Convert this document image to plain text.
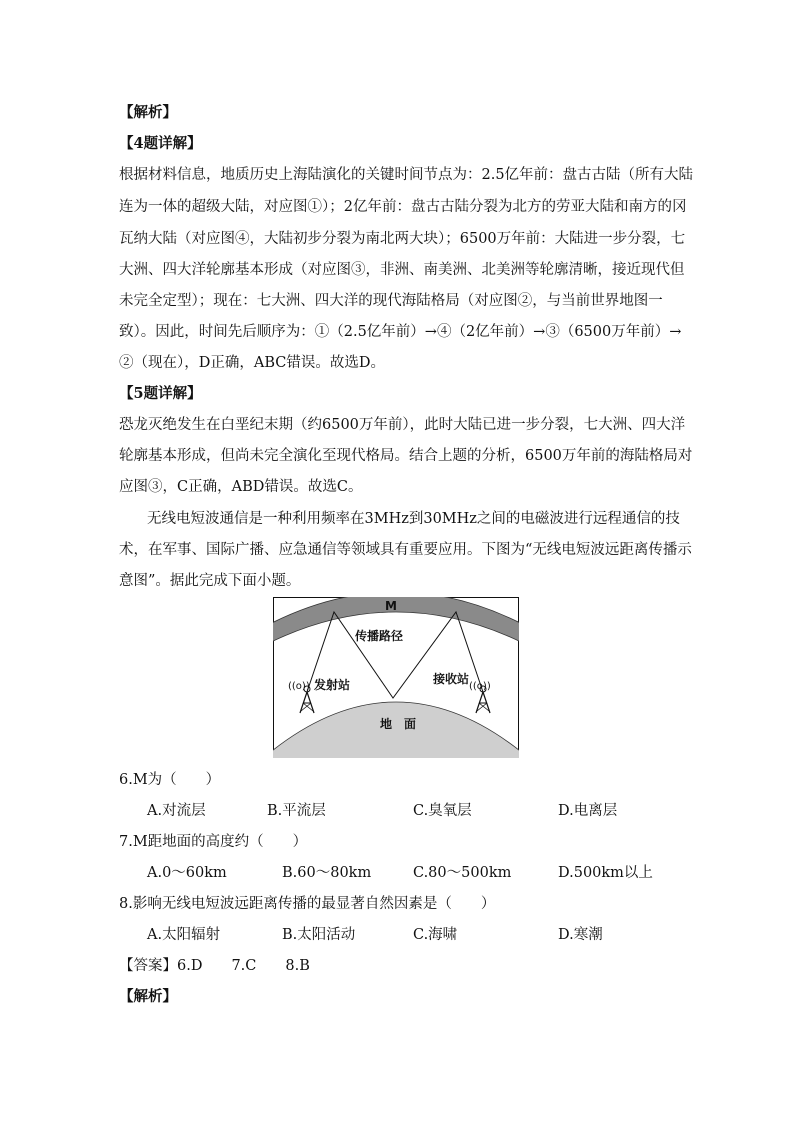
【解析】
【4题详解】
根据材料信息，地质历史上海陆演化的关键时间节点为：2.5亿年前：盘古古陆（所有大陆
连为一体的超级大陆，对应图①）；2亿年前：盘古古陆分裂为北方的劳亚大陆和南方的冈
瓦纳大陆（对应图④，大陆初步分裂为南北两大块）；6500万年前：大陆进一步分裂，七
大洲、四大洋轮廓基本形成（对应图③，非洲、南美洲、北美洲等轮廓清晰，接近现代但
未完全定型）；现在：七大洲、四大洋的现代海陆格局（对应图②，与当前世界地图一
致）。因此，时间先后顺序为：①（2.5亿年前）→④（2亿年前）→③（6500万年前）→
②（现在），D正确，ABC错误。故选D。
【5题详解】
恐龙灭绝发生在白垩纪末期（约6500万年前），此时大陆已进一步分裂，七大洲、四大洋
轮廓基本形成，但尚未完全演化至现代格局。结合上题的分析，6500万年前的海陆格局对
应图③，C正确，ABD错误。故选C。
无线电短波通信是一种利用频率在3MHz到30MHz之间的电磁波进行远程通信的技
术，在军事、国际广播、应急通信等领域具有重要应用。下图为“无线电短波远距离传播示
意图”。据此完成下面小题。
M
传播路径
((o)) 发射站	接收站
((o))
地　面
6.M为（　　）
A.对流层	B.平流层	C.臭氧层	D.电离层
7.M距地面的高度约（　　）
A.0～60km	B.60～80km	C.80～500km	D.500km以上
8.影响无线电短波远距离传播的最显著自然因素是（　　）
A.太阳辐射	B.太阳活动	C.海啸	D.寒潮
【答案】6.D　　7.C　　8.B
【解析】
